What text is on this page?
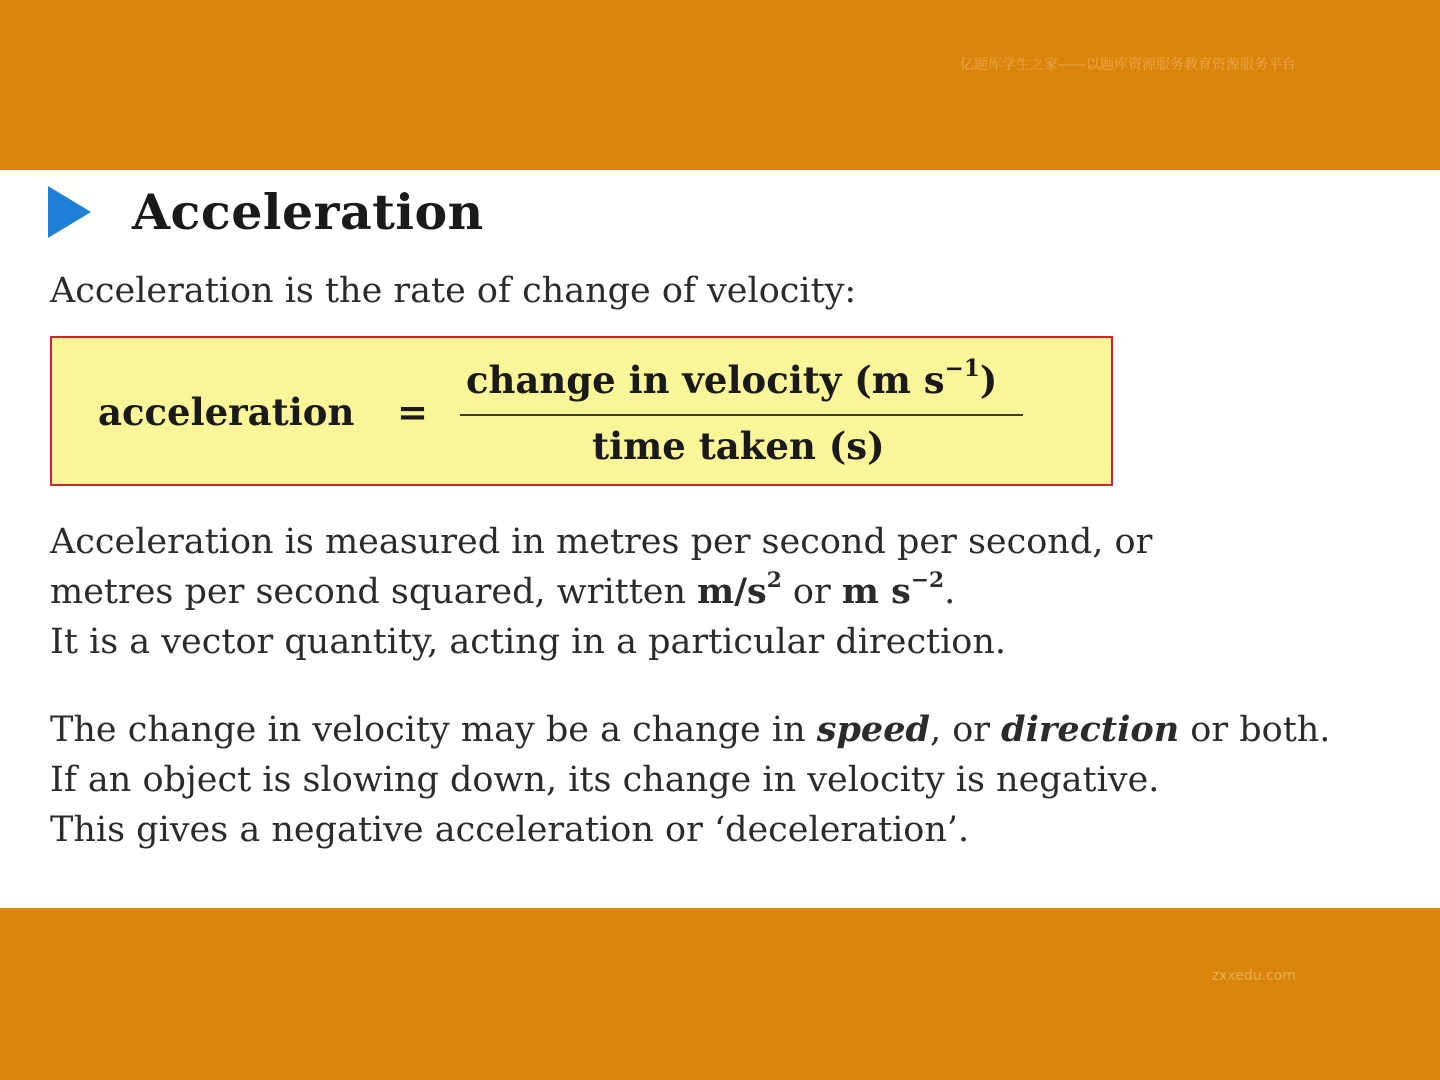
亿题库学生之家——以题库资源服务教育资源服务平台
Acceleration

Acceleration is the rate of change of velocity:

acceleration =
change in velocity (m $s^{-1}$)
time taken (s)

Acceleration is measured in metres per second per second, or
metres per second squared, written $m/s^2$ or m $s^{-2}$.
It is a vector quantity, acting in a particular direction.

The change in velocity may be a change in speed, or direction or both.
If an object is slowing down, its change in velocity is negative.
This gives a negative acceleration or ‘deceleration’.

zxxedu.com
